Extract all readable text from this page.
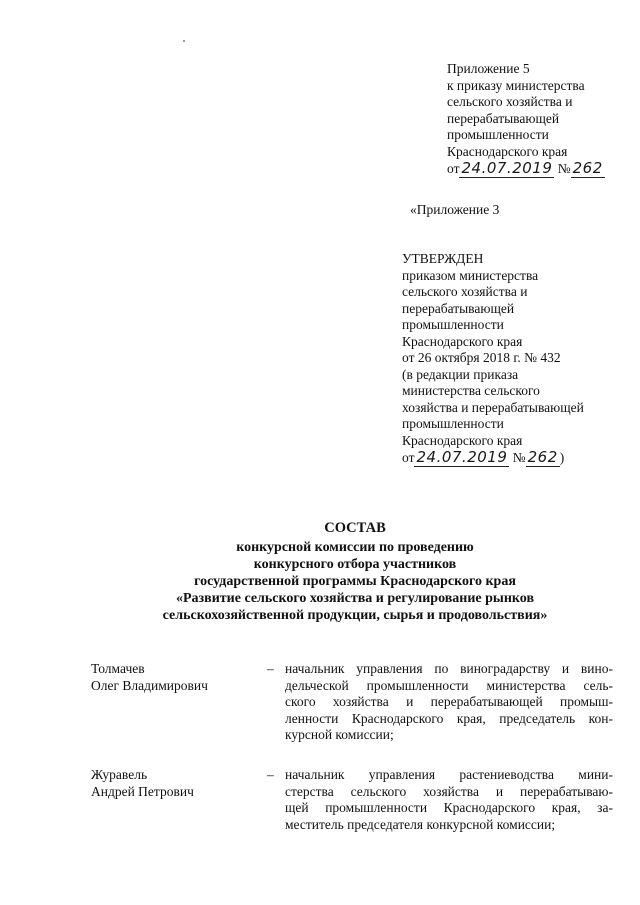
Приложение 5
к приказу министерства
сельского хозяйства и
перерабатывающей
промышленности
Краснодарского края
от 24.07.2019 № 262
«Приложение 3
УТВЕРЖДЕН
приказом министерства
сельского хозяйства и
перерабатывающей
промышленности
Краснодарского края
от 26 октября 2018 г. № 432
(в редакции приказа
министерства сельского
хозяйства и перерабатывающей
промышленности
Краснодарского края
от 24.07.2019 № 262 )
СОСТАВ
конкурсной комиссии по проведению
конкурсного отбора участников
государственной программы Краснодарского края
«Развитие сельского хозяйства и регулирование рынков
сельскохозяйственной продукции, сырья и продовольствия»
Толмачев
Олег Владимирович
– начальник управления по виноградарству и вино-
дельческой промышленности министерства сель-
ского хозяйства и перерабатывающей промыш-
ленности Краснодарского края, председатель кон-
курсной комиссии;
Журавель
Андрей Петрович
– начальник управления растениеводства мини-
стерства сельского хозяйства и перерабатываю-
щей промышленности Краснодарского края, за-
меститель председателя конкурсной комиссии;
